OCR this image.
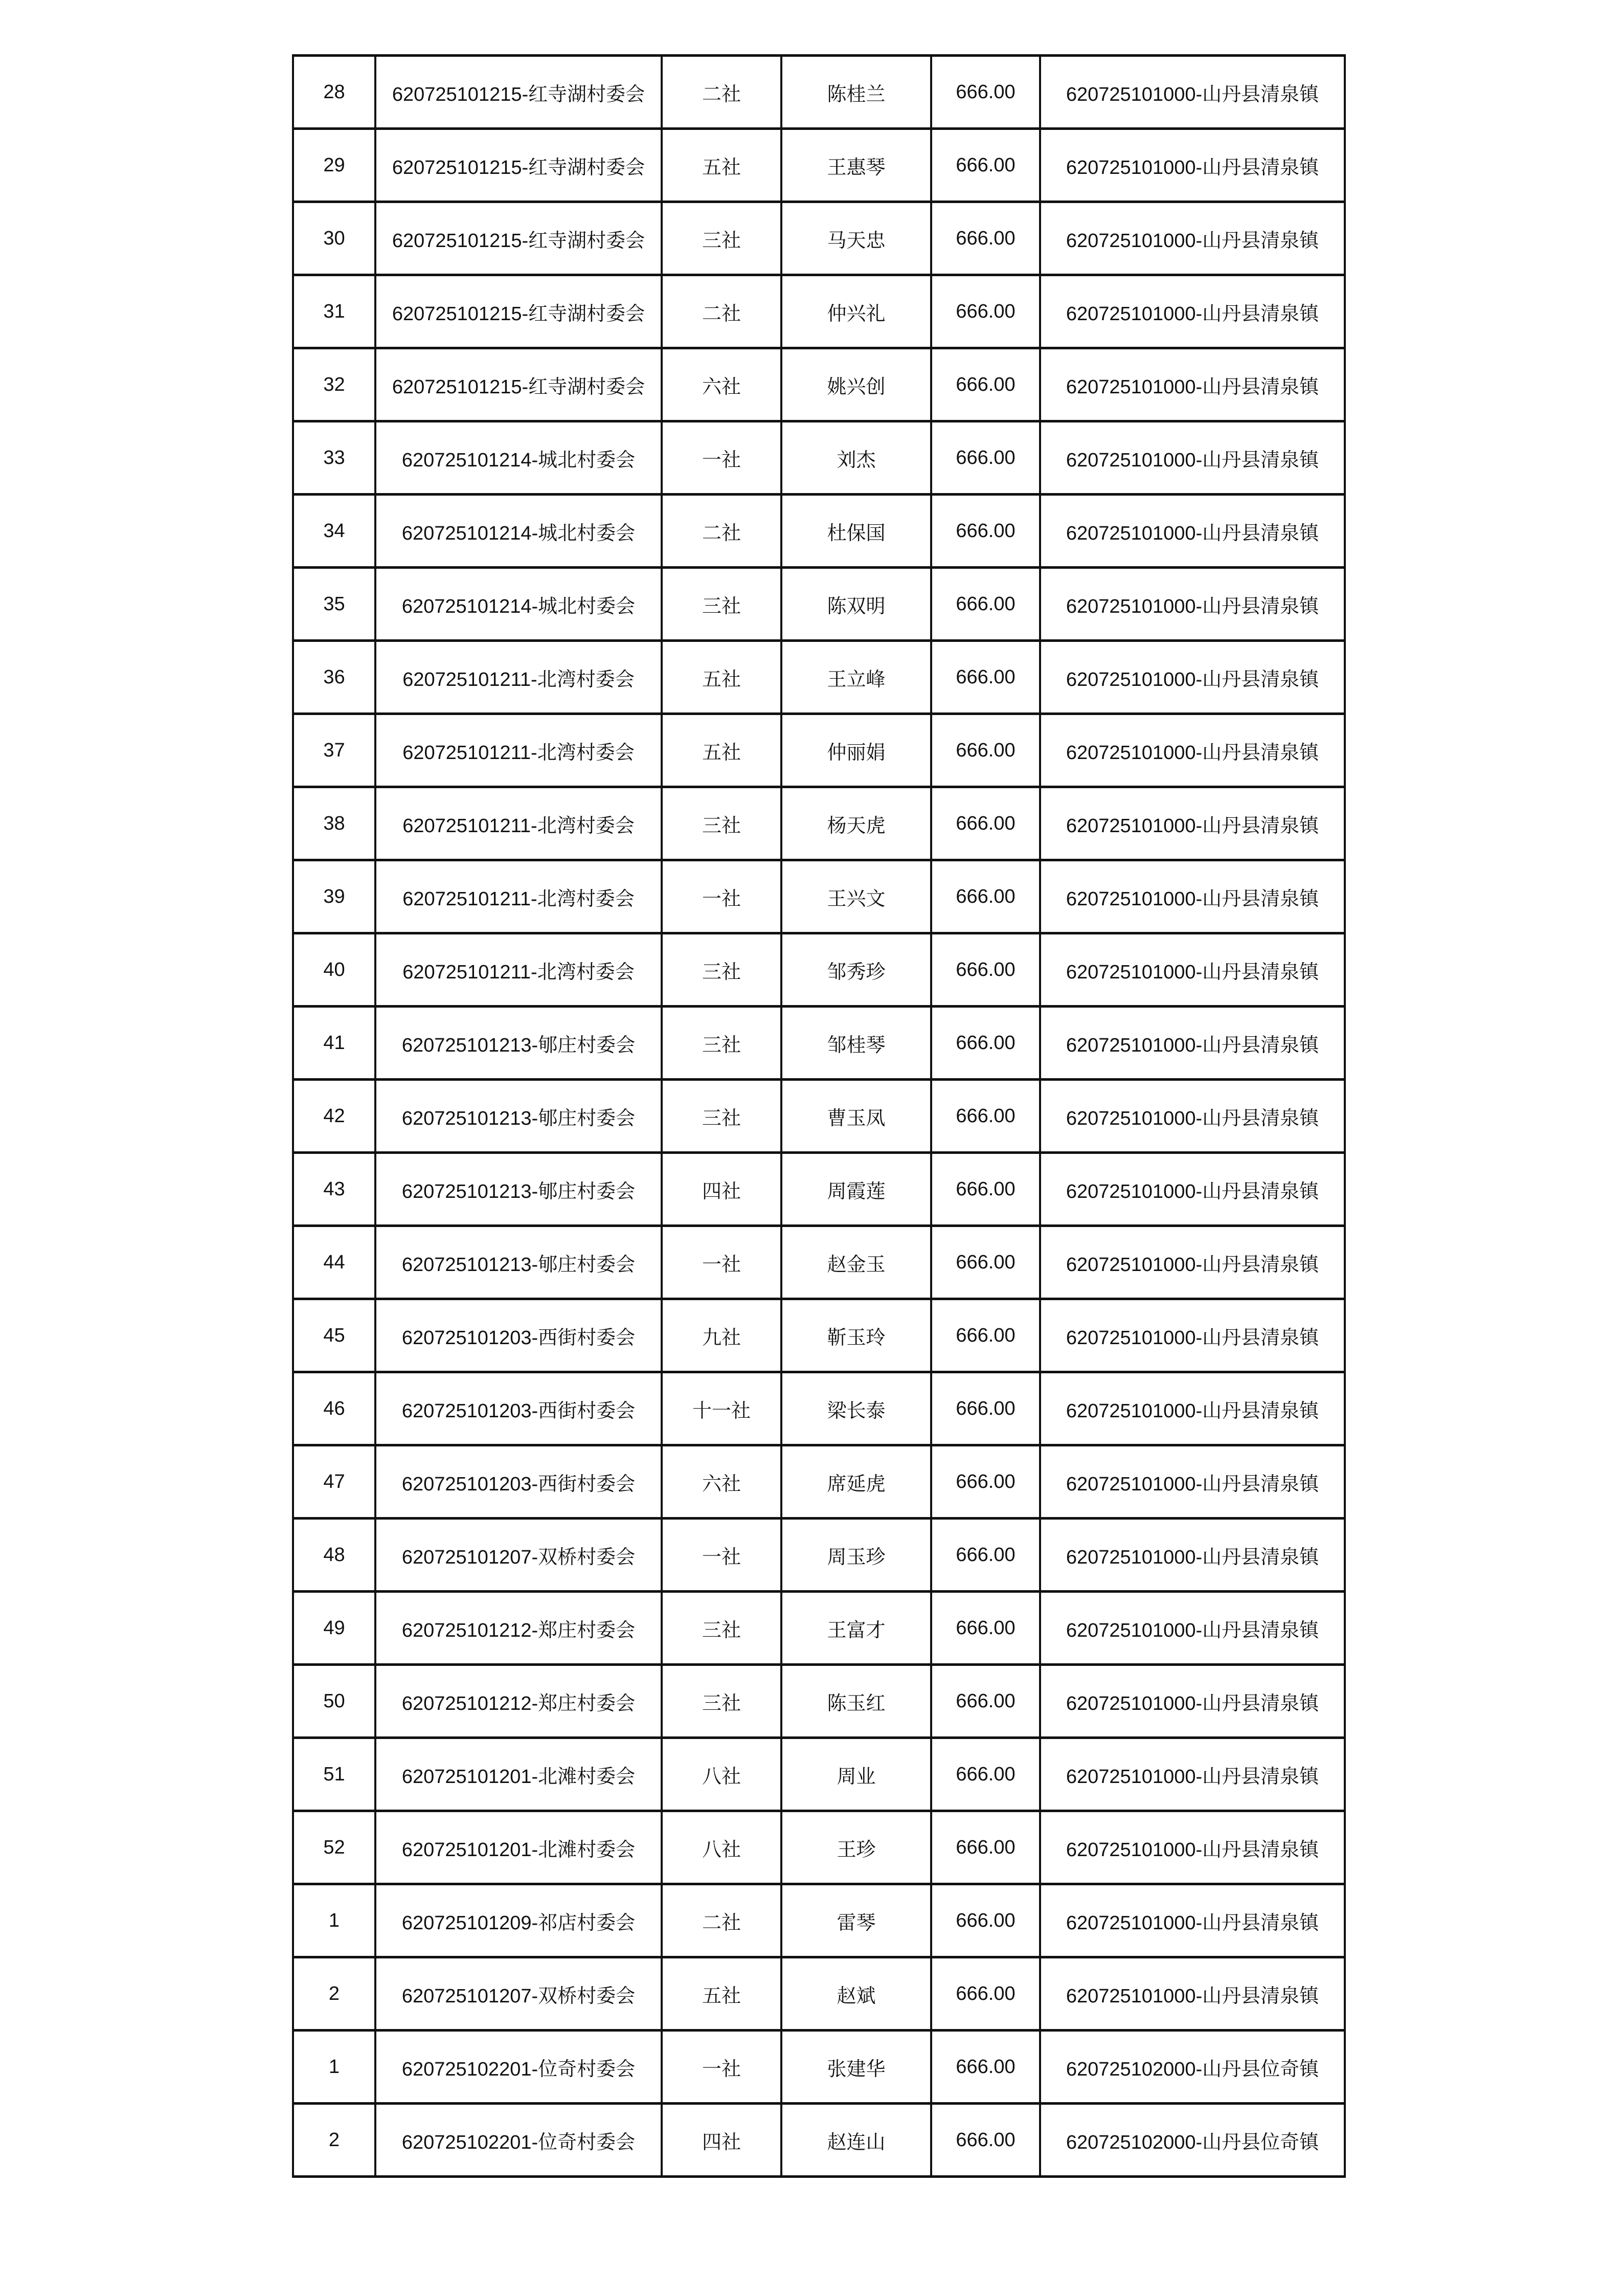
28	620725101215-红寺湖村委会	二社	陈桂兰	666.00	620725101000-山丹县清泉镇
29	620725101215-红寺湖村委会	五社	王惠琴	666.00	620725101000-山丹县清泉镇
30	620725101215-红寺湖村委会	三社	马天忠	666.00	620725101000-山丹县清泉镇
31	620725101215-红寺湖村委会	二社	仲兴礼	666.00	620725101000-山丹县清泉镇
32	620725101215-红寺湖村委会	六社	姚兴创	666.00	620725101000-山丹县清泉镇
33	620725101214-城北村委会	一社	刘杰	666.00	620725101000-山丹县清泉镇
34	620725101214-城北村委会	二社	杜保国	666.00	620725101000-山丹县清泉镇
35	620725101214-城北村委会	三社	陈双明	666.00	620725101000-山丹县清泉镇
36	620725101211-北湾村委会	五社	王立峰	666.00	620725101000-山丹县清泉镇
37	620725101211-北湾村委会	五社	仲丽娟	666.00	620725101000-山丹县清泉镇
38	620725101211-北湾村委会	三社	杨天虎	666.00	620725101000-山丹县清泉镇
39	620725101211-北湾村委会	一社	王兴文	666.00	620725101000-山丹县清泉镇
40	620725101211-北湾村委会	三社	邹秀珍	666.00	620725101000-山丹县清泉镇
41	620725101213-郇庄村委会	三社	邹桂琴	666.00	620725101000-山丹县清泉镇
42	620725101213-郇庄村委会	三社	曹玉凤	666.00	620725101000-山丹县清泉镇
43	620725101213-郇庄村委会	四社	周霞莲	666.00	620725101000-山丹县清泉镇
44	620725101213-郇庄村委会	一社	赵金玉	666.00	620725101000-山丹县清泉镇
45	620725101203-西街村委会	九社	靳玉玲	666.00	620725101000-山丹县清泉镇
46	620725101203-西街村委会	十一社	梁长泰	666.00	620725101000-山丹县清泉镇
47	620725101203-西街村委会	六社	席延虎	666.00	620725101000-山丹县清泉镇
48	620725101207-双桥村委会	一社	周玉珍	666.00	620725101000-山丹县清泉镇
49	620725101212-郑庄村委会	三社	王富才	666.00	620725101000-山丹县清泉镇
50	620725101212-郑庄村委会	三社	陈玉红	666.00	620725101000-山丹县清泉镇
51	620725101201-北滩村委会	八社	周业	666.00	620725101000-山丹县清泉镇
52	620725101201-北滩村委会	八社	王珍	666.00	620725101000-山丹县清泉镇
1	620725101209-祁店村委会	二社	雷琴	666.00	620725101000-山丹县清泉镇
2	620725101207-双桥村委会	五社	赵斌	666.00	620725101000-山丹县清泉镇
1	620725102201-位奇村委会	一社	张建华	666.00	620725102000-山丹县位奇镇
2	620725102201-位奇村委会	四社	赵连山	666.00	620725102000-山丹县位奇镇
